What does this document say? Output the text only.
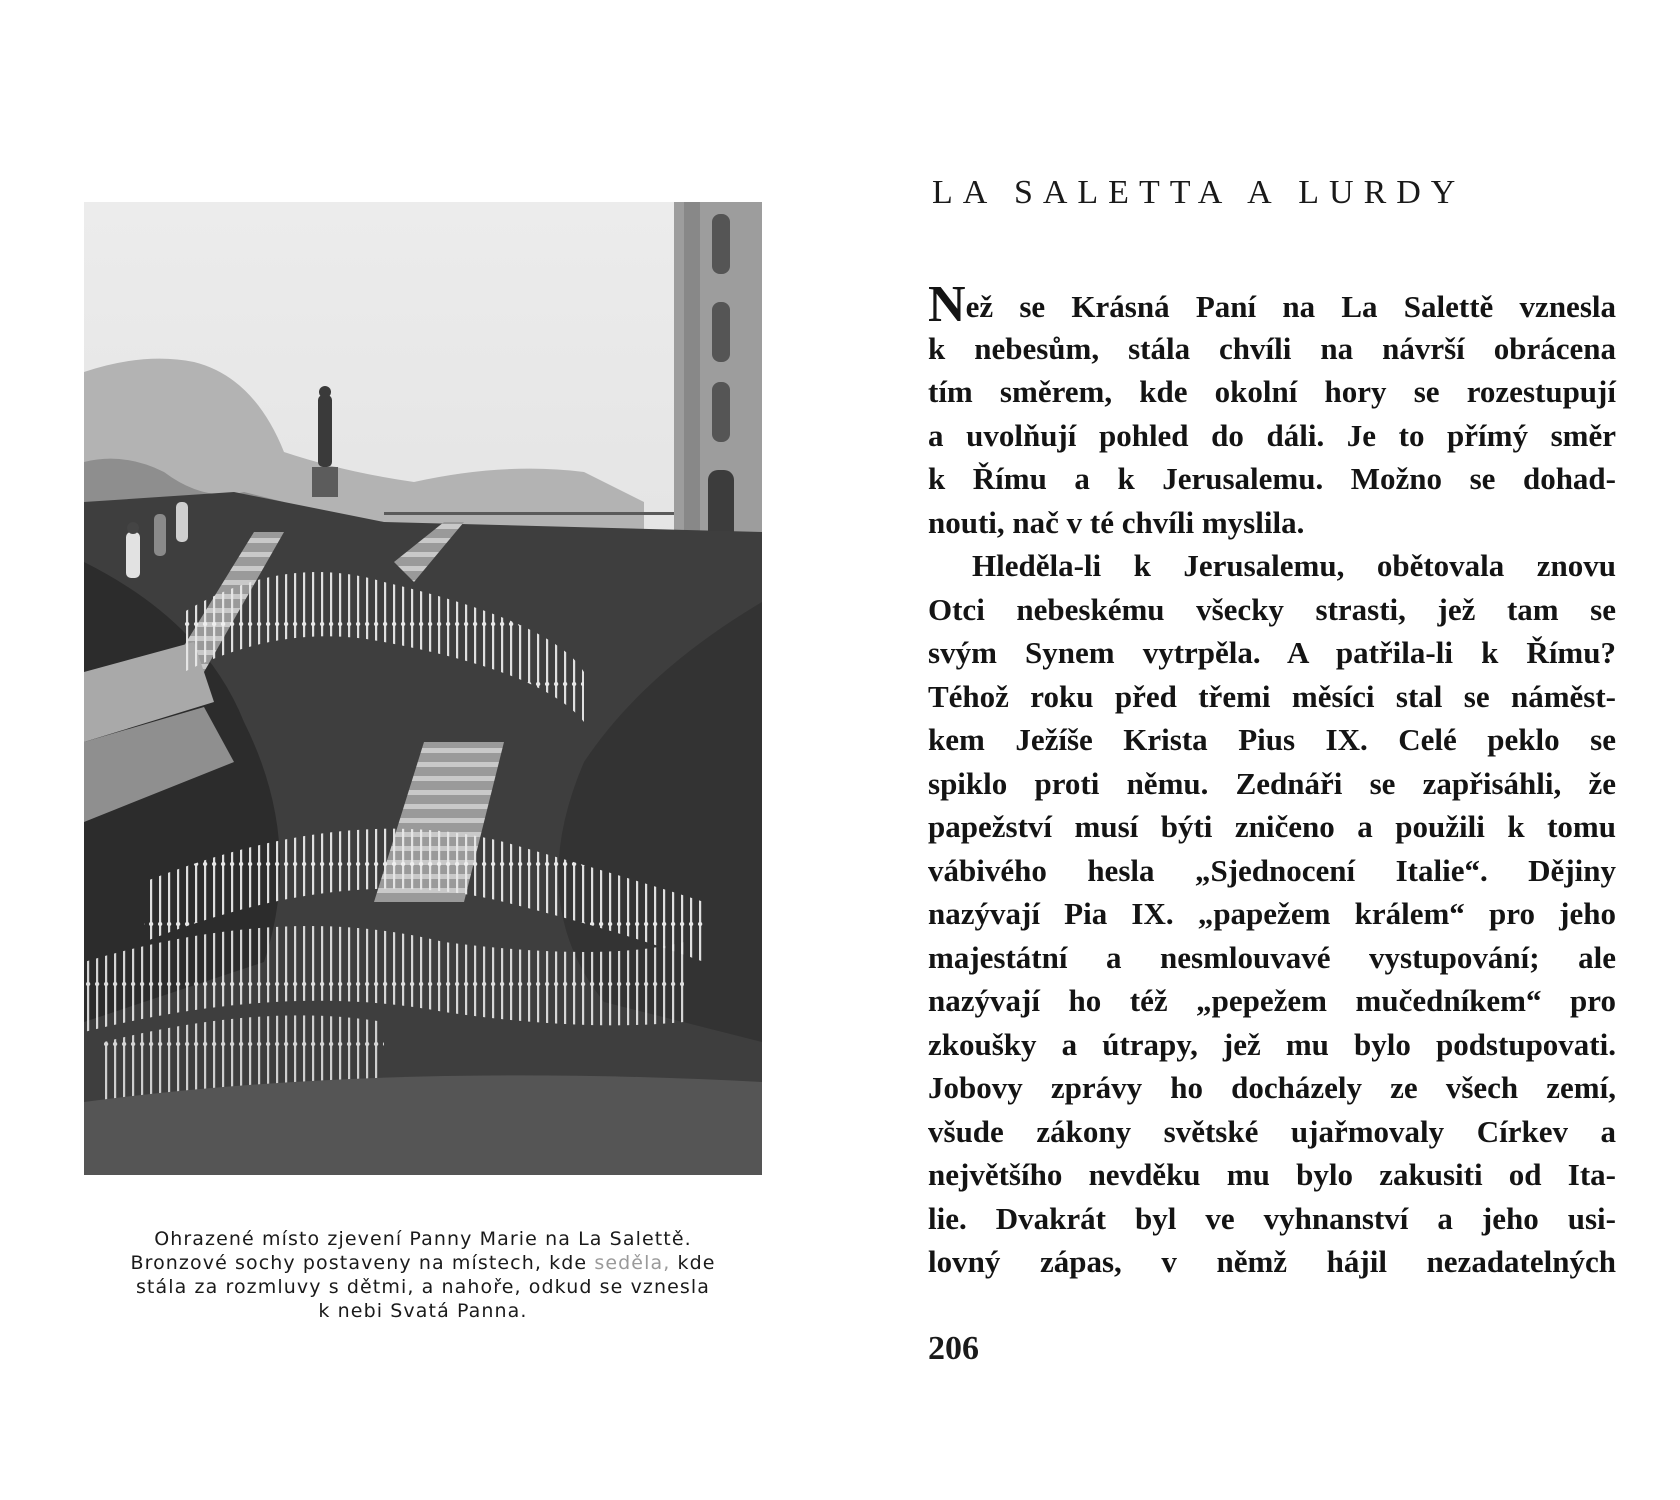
Ohrazené místo zjevení Panny Marie na La Salettě.
Bronzové sochy postaveny na místech, kde seděla, kde
stála za rozmluvy s dětmi, a nahoře, odkud se vznesla
k nebi Svatá Panna.
LA SALETTA A LURDY
Než se Krásná Paní na La Salettě vznesla
k nebesům, stála chvíli na návrší obrácena
tím směrem, kde okolní hory se rozestupují
a uvolňují pohled do dáli. Je to přímý směr
k Římu a k Jerusalemu. Možno se dohad-
nouti, nač v té chvíli myslila.
Hleděla-li k Jerusalemu, obětovala znovu
Otci nebeskému všecky strasti, jež tam se
svým Synem vytrpěla. A patřila-li k Římu?
Téhož roku před třemi měsíci stal se náměst-
kem Ježíše Krista Pius IX. Celé peklo se
spiklo proti němu. Zednáři se zapřisáhli, že
papežství musí býti zničeno a použili k tomu
vábivého hesla „Sjednocení Italie“. Dějiny
nazývají Pia IX. „papežem králem“ pro jeho
majestátní a nesmlouvavé vystupování; ale
nazývají ho též „pepežem mučedníkem“ pro
zkoušky a útrapy, jež mu bylo podstupovati.
Jobovy zprávy ho docházely ze všech zemí,
všude zákony světské ujařmovaly Církev a
největšího nevděku mu bylo zakusiti od Ita-
lie. Dvakrát byl ve vyhnanství a jeho usi-
lovný zápas, v němž hájil nezadatelných
206
